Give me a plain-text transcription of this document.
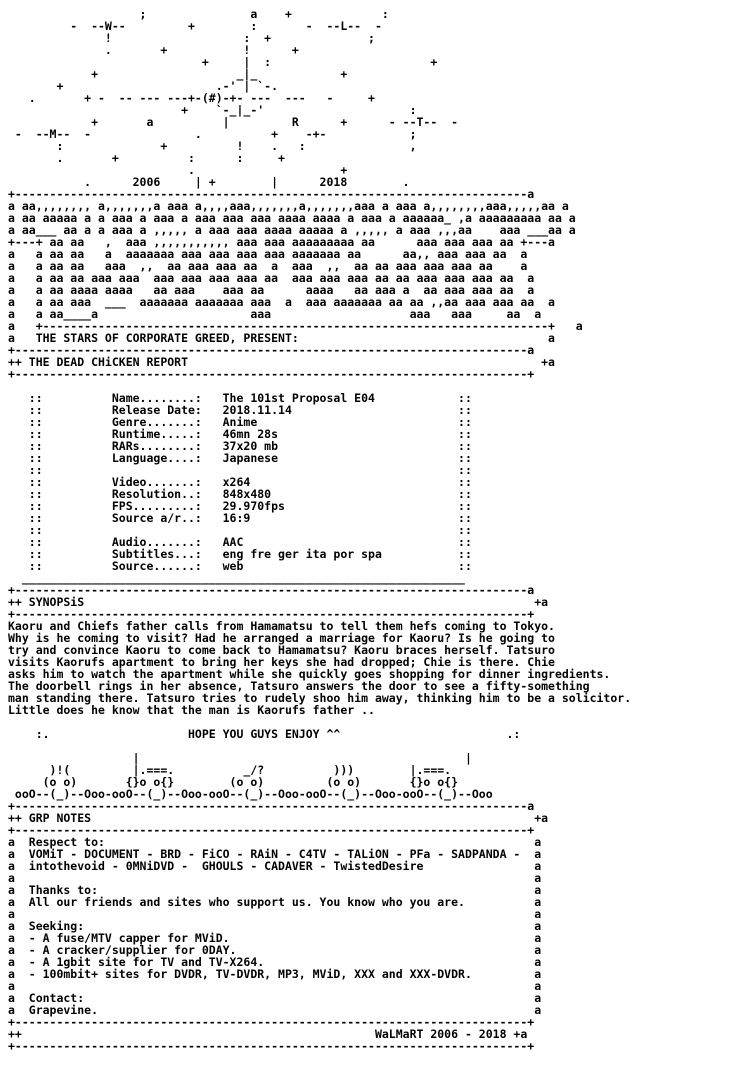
;               a    +             :
-  --W--         +        :       -  --L--  -
!                   :  +              ;
.       +           !      +
+     |  :                       +
+                    _|_            +
+                      .-' | `-.
.       + -  -- --- ---+-(#)-+- ---  ---   -     +
+    `-_|_-'                     :
+       a          |         R      +      - --T--  -
-  --M--  -               .          +    -+-            ;
:              +          !    .   :               ,
.       +          :      :     +
.                     +
.      2006     | +        |      2018        .
+--------------------------------------------------------------------------a
a aa,,,,,,,, a,,,,,,,a aaa a,,,,aaa,,,,,,,a,,,,,,,aaa a aaa a,,,,,,,,aaa,,,,,aa a
a aa aaaaa a a aaa a aaa a aaa aaa aaa aaaa aaaa a aaa a aaaaaa_ ,a aaaaaaaaa aa a
a aa___ aa a a aaa a ,,,,, a aaa aaa aaaa aaaaa a ,,,,, a aaa ,,,aa    aaa ___aa a
+---+ aa aa   ,  aaa ,,,,,,,,,,, aaa aaa aaaaaaaaa aa      aaa aaa aaa aa +---a
a   a aa aa   a  aaaaaaa aaa aaa aaa aaa aaaaaaa aa      aa,, aaa aaa aa  a
a   a aa aa   aaa  ,,  aa aaa aaa aa  a  aaa  ,,  aa aa aaa aaa aaa aa    a
a   a aa aa aaa aaa  aaa aaa aaa aaa aa  aaa aaa aaa aa aa aaa aaa aaa aa  a
a   a aa aaaa aaaa   aa aaa    aaa aa      aaaa   aa aaa a  aa aaa aaa aa  a
a   a aa aaa  ___  aaaaaaa aaaaaaa aaa  a  aaa aaaaaaa aa aa ,,aa aaa aaa aa  a
a   a aa____a                      aaa                    aaa   aaa     aa  a
a   +-------------------------------------------------------------------------+   a
a   THE STARS OF CORPORATE GREED, PRESENT:                                    a
+--------------------------------------------------------------------------a
++ THE DEAD CHiCKEN REPORT                                                   +a
+--------------------------------------------------------------------------+

::          Name........:   The 101st Proposal E04            ::
::          Release Date:   2018.11.14                        ::
::          Genre.......:   Anime                             ::
::          Runtime.....:   46mn 28s                          ::
::          RARs........:   37x20 mb                          ::
::          Language....:   Japanese                          ::
::                                                            ::
::          Video.......:   x264                              ::
::          Resolution..:   848x480                           ::
::          FPS.........:   29.970fps                         ::
::          Source a/r..:   16:9                              ::
::                                                            ::
::          Audio.......:   AAC                               ::
::          Subtitles...:   eng fre ger ita por spa           ::
::          Source......:   web                               ::
________________________________________________________________
+--------------------------------------------------------------------------a
++ SYNOPSiS                                                                 +a
+--------------------------------------------------------------------------+
Kaoru and Chiefs father calls from Hamamatsu to tell them hefs coming to Tokyo.
Why is he coming to visit? Had he arranged a marriage for Kaoru? Is he going to
try and convince Kaoru to come back to Hamamatsu? Kaoru braces herself. Tatsuro
visits Kaorufs apartment to bring her keys she had dropped; Chie is there. Chie
asks him to watch the apartment while she quickly goes shopping for dinner ingredients.
The doorbell rings in her absence, Tatsuro answers the door to see a fifty-something
man standing there. Tatsuro tries to rudely shoo him away, thinking him to be a solicitor.
Little does he know that the man is Kaorufs father ..

:.                    HOPE YOU GUYS ENJOY ^^                        .:

|                                               |
)!(         |.===.          _/?          )))        |.===.
(o o)       {}o o{}        (o o)         (o o)       {}o o{}
ooO--(_)--Ooo-ooO--(_)--Ooo-ooO--(_)--Ooo-ooO--(_)--Ooo-ooO--(_)--Ooo
+--------------------------------------------------------------------------a
++ GRP NOTES                                                                +a
+--------------------------------------------------------------------------+
a  Respect to:                                                              a
a  VOMiT - DOCUMENT - BRD - FiCO - RAiN - C4TV - TALiON - PFa - SADPANDA -  a
a  intothevoid - 0MNiDVD -  GHOULS - CADAVER - TwistedDesire                a
a                                                                           a
a  Thanks to:                                                               a
a  All our friends and sites who support us. You know who you are.          a
a                                                                           a
a  Seeking:                                                                 a
a  - A fuse/MTV capper for MViD.                                            a
a  - A cracker/supplier for 0DAY.                                           a
a  - A 1gbit site for TV and TV-X264.                                       a
a  - 100mbit+ sites for DVDR, TV-DVDR, MP3, MViD, XXX and XXX-DVDR.         a
a                                                                           a
a  Contact:                                                                 a
a  Grapevine.                                                               a
+--------------------------------------------------------------------------+
++                                                   WaLMaRT 2006 - 2018 +a
+--------------------------------------------------------------------------+
